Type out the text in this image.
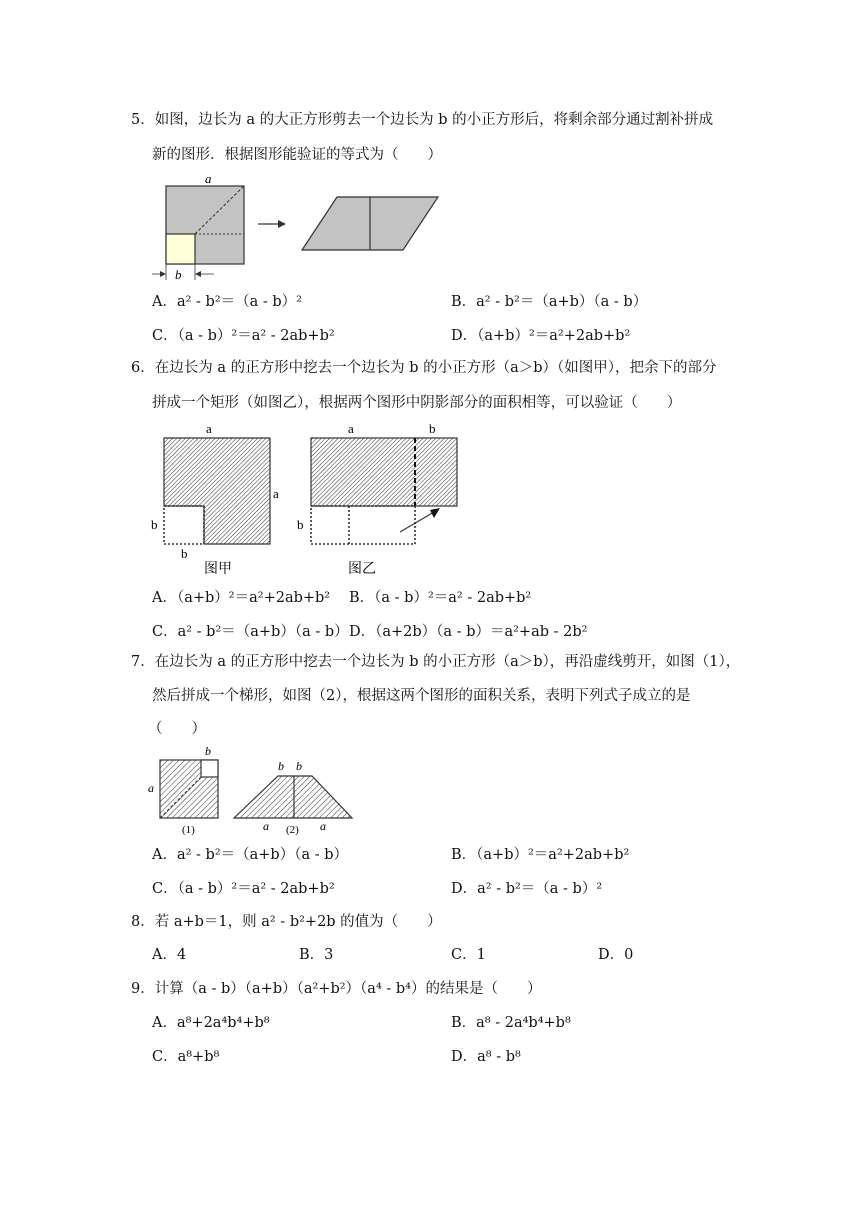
5．如图，边长为 a 的大正方形剪去一个边长为 b 的小正方形后，将剩余部分通过割补拼成
新的图形．根据图形能验证的等式为（　　）
a
b
A．a² - b²＝（a - b）²	B．a² - b²＝（a+b）（a - b）
C．（a - b）²＝a² - 2ab+b²	D．（a+b）²＝a²+2ab+b²
6．在边长为 a 的正方形中挖去一个边长为 b 的小正方形（a＞b）（如图甲），把余下的部分
拼成一个矩形（如图乙），根据两个图形中阴影部分的面积相等，可以验证（　　）
a
a
b
b
图甲
a	b
b
图乙
A．（a+b）²＝a²+2ab+b² B．（a - b）²＝a² - 2ab+b²
C．a² - b²＝（a+b）（a - b） D．（a+2b）（a - b）＝a²+ab - 2b²
7．在边长为 a 的正方形中挖去一个边长为 b 的小正方形（a＞b），再沿虚线剪开，如图（1），
然后拼成一个梯形，如图（2），根据这两个图形的面积关系，表明下列式子成立的是
（　　）
b
a
(1)
b b
a	a
(2)
A．a² - b²＝（a+b）（a - b）	B．（a+b）²＝a²+2ab+b²
C．（a - b）²＝a² - 2ab+b²	D．a² - b²＝（a - b）²
8．若 a+b＝1，则 a² - b²+2b 的值为（　　）
A．4	B．3	C．1	D．0
9．计算（a - b）（a+b）（a²+b²）（a⁴ - b⁴）的结果是（　　）
A．a⁸+2a⁴b⁴+b⁸	B．a⁸ - 2a⁴b⁴+b⁸
C．a⁸+b⁸	D．a⁸ - b⁸
